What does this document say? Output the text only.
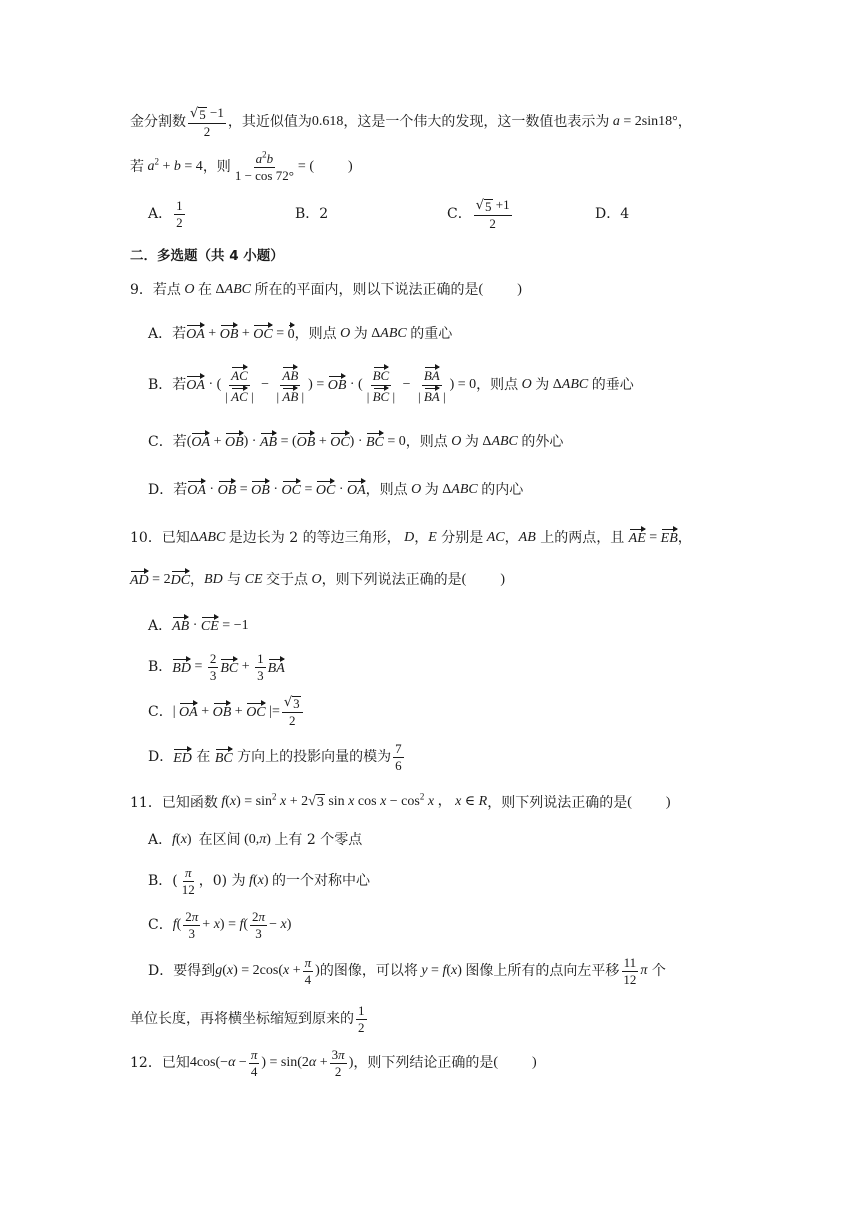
金分割数 $\frac{√ 5 -1}{2}$ ，其近似值为 0.618 ，这是一个伟大的发现，这一数值也表示为 a = 2sin18° ，
若 $a^2 + b = 4$ ，则 $\frac{a^2b}{1 - \cos 72^\circ}$ = ( )
A． $\frac{1}{2}$	B．2	C． $\frac{√ 5 +1}{2}$	D．4
二．多选题（共 4 小题）
9．若点 O 在 ΔABC 所在的平面内，则以下说法正确的是 ( )
A．若 OA + OB + OC = 0 ，则点 O 为 ΔABC 的重心
B．若 OA · ( $\frac{AC}{| AC |} - \frac{AB}{| AB |}$ ) = OB · ( $\frac{BC}{| BC |} - \frac{BA}{| BA |}$ ) = 0 ，则点 O 为 ΔABC 的垂心
C．若 ( OA + OB ) · AB = ( OB + OC ) · BC = 0 ，则点 O 为 ΔABC 的外心
D．若 OA · OB = OB · OC = OC · OA ，则点 O 为 ΔABC 的内心
10．已知 ΔABC 是边长为 2 的等边三角形， D ， E
分别是 AC ， AB
上的两点，且
AE = EB ，
AD = 2 DC ， BD
与 CE 交于点 O ，则下列说法正确的是 ( )
A． AB · CE = −1
B． BD = $\frac{2}{3}$ BC + $\frac{1}{3}$ BA
C． | OA + OB + OC |= $\frac{√ 3}{2}$
D． ED
在
BC
方向上的投影向量的模为 $\frac{7}{6}$
11．已知函数 $f(x) = \sin^2 x + 2$ √ 3 sin x $\cos x - \cos^2 x$ ， x ∈ R ，则下列说法正确的是 ( )
A． f(x) 在区间 (0,π) 上有 2 个零点
B．( $\frac{\pi}{12}$ ，0) 为 f(x) 的一个对称中心
C． $f( \frac{2\pi}{3} + x) = f( \frac{2\pi}{3} - x)$
D．要得到 $g(x) = 2\cos(x + \frac{\pi}{4}$ ) 的图像，可以将 y = f(x) 图像上所有的点向左平移 $\frac{11}{12}$ π
个
单位长度，再将横坐标缩短到原来的 $\frac{1}{2}$
12．已知 $4\cos(-\alpha - \frac{\pi}{4}$ ) = $\sin(2\alpha + \frac{3\pi}{2}$ ) ，则下列结论正确的是 ( )
